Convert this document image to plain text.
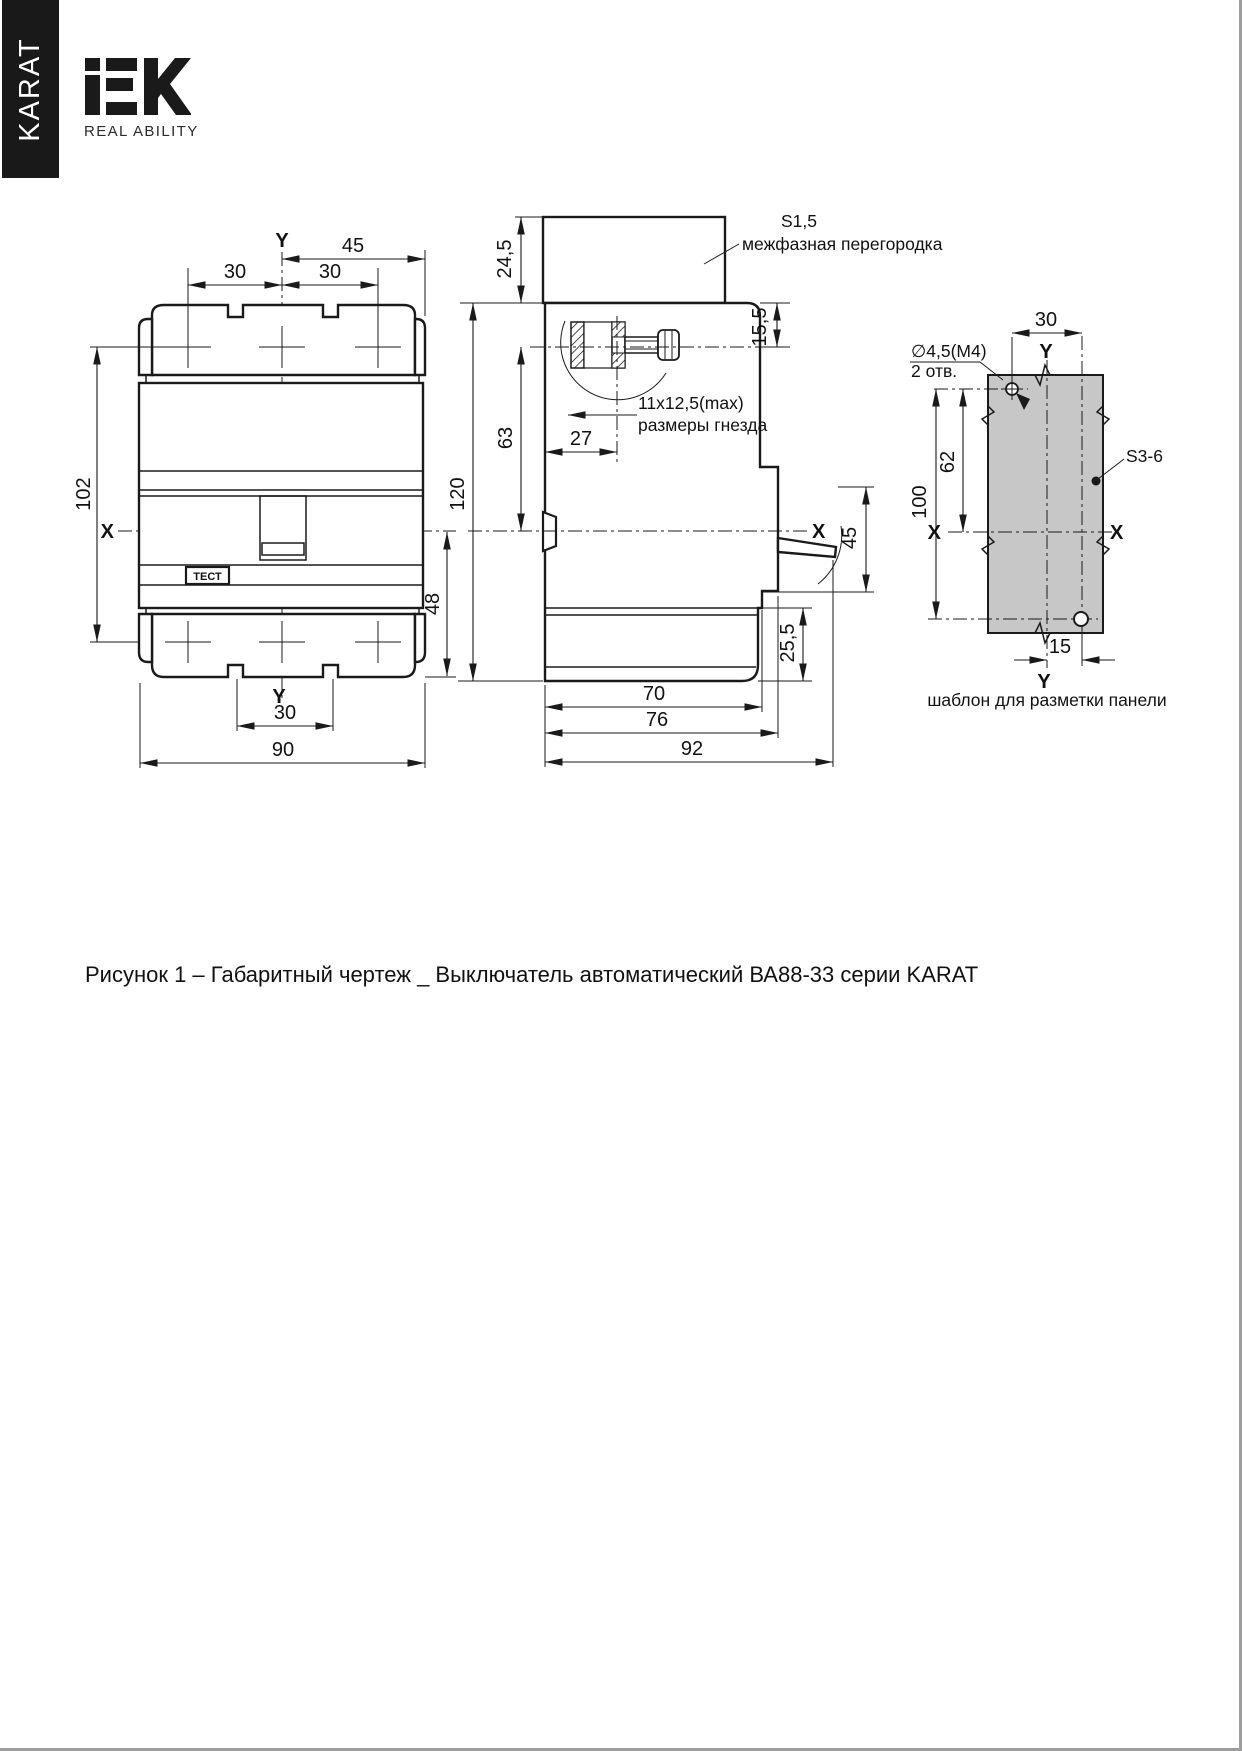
KARAT	REAL ABILITY
ТЕСТ
Y	45
30	30
102
X
48
Y
30
90
X
S1,5
межфазная перегородка
24,5
15,5
11x12,5(max)
размеры гнезда
63	27
120
45
25,5
70
76
92
∅4,5(M4)
2 отв.
30
Y
62
100
X	X
S3-6
15
Y
шаблон для разметки панели
Рисунок 1 – Габаритный чертеж _ Выключатель автоматический ВА88-33 серии KARAT
